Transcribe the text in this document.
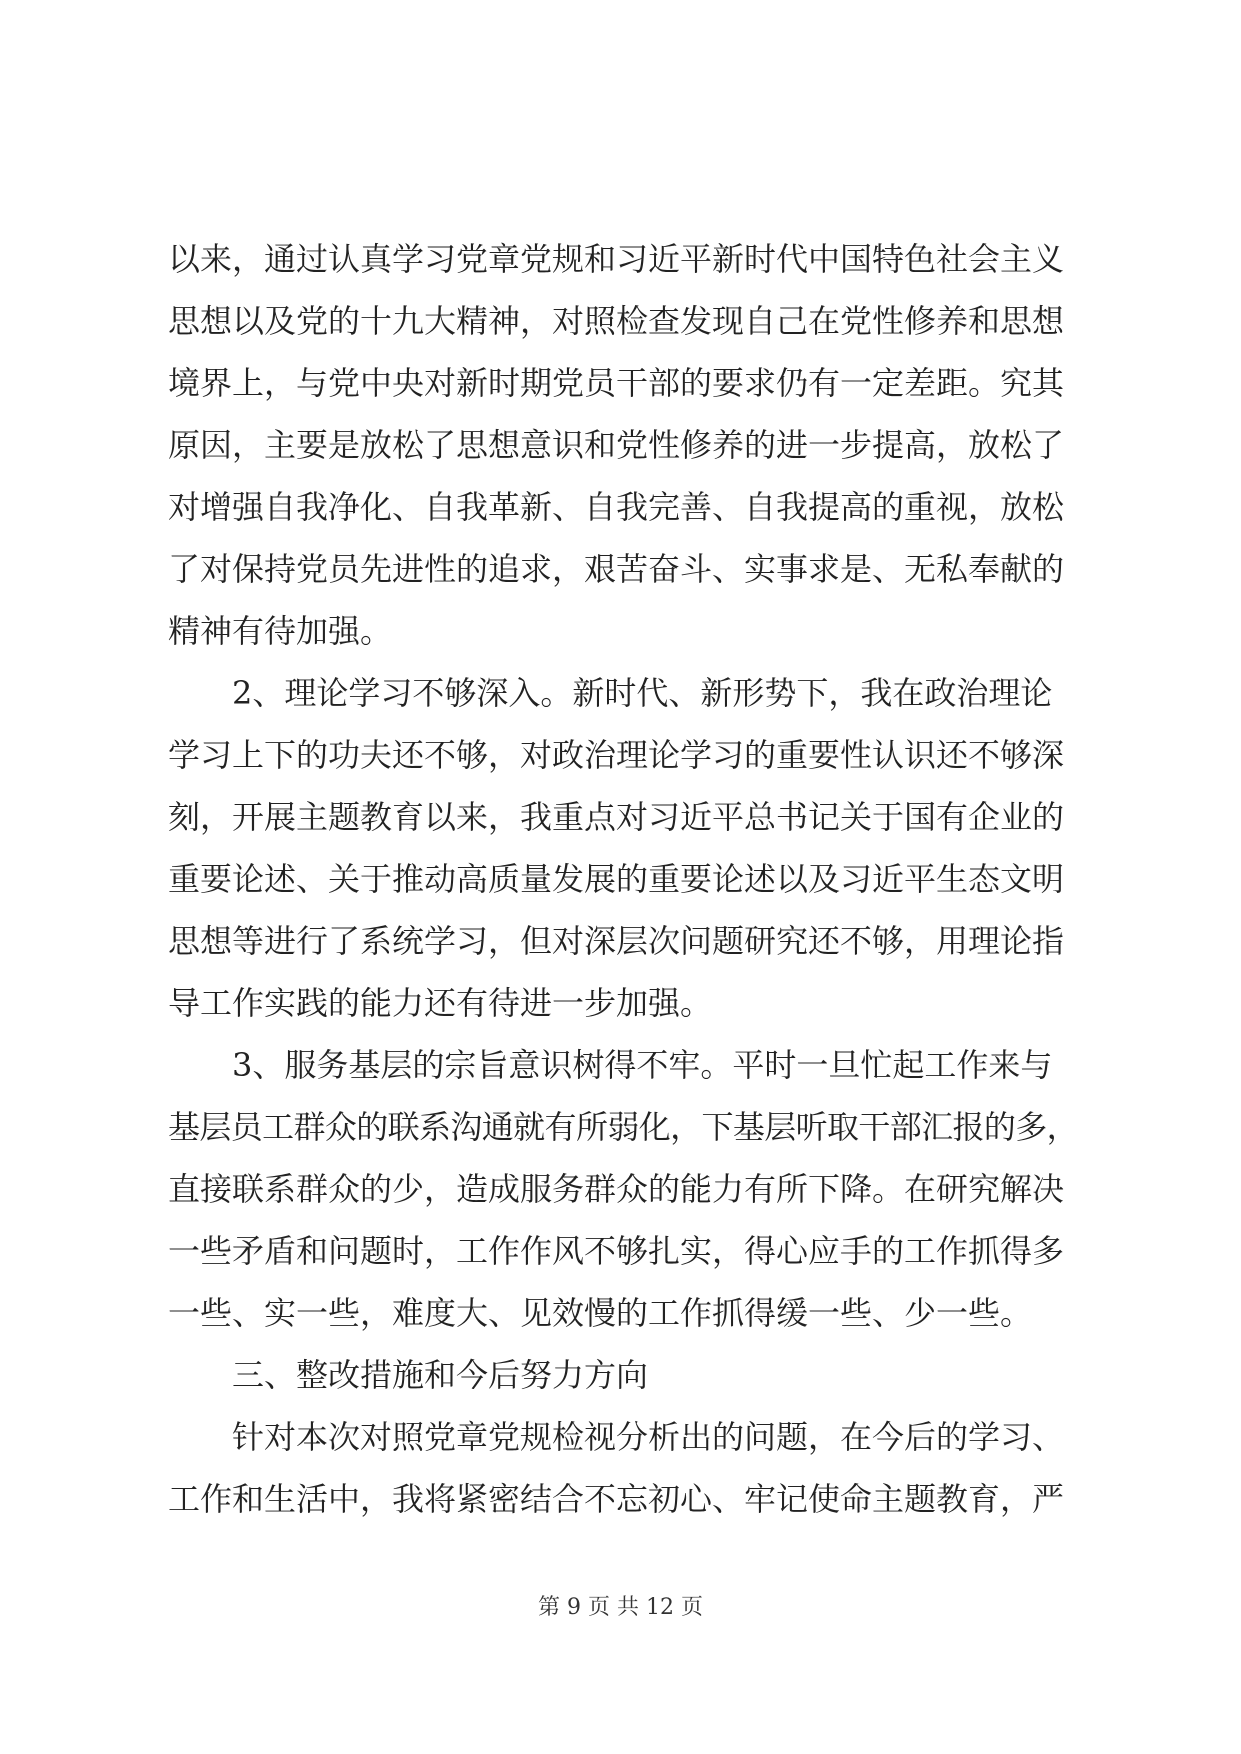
以来，通过认真学习党章党规和习近平新时代中国特色社会主义
思想以及党的十九大精神，对照检查发现自己在党性修养和思想
境界上，与党中央对新时期党员干部的要求仍有一定差距。究其
原因，主要是放松了思想意识和党性修养的进一步提高，放松了
对增强自我净化、自我革新、自我完善、自我提高的重视，放松
了对保持党员先进性的追求，艰苦奋斗、实事求是、无私奉献的
精神有待加强。
2、理论学习不够深入。新时代、新形势下，我在政治理论
学习上下的功夫还不够，对政治理论学习的重要性认识还不够深
刻，开展主题教育以来，我重点对习近平总书记关于国有企业的
重要论述、关于推动高质量发展的重要论述以及习近平生态文明
思想等进行了系统学习，但对深层次问题研究还不够，用理论指
导工作实践的能力还有待进一步加强。
3、服务基层的宗旨意识树得不牢。平时一旦忙起工作来与
基层员工群众的联系沟通就有所弱化，下基层听取干部汇报的多，
直接联系群众的少，造成服务群众的能力有所下降。在研究解决
一些矛盾和问题时，工作作风不够扎实，得心应手的工作抓得多
一些、实一些，难度大、见效慢的工作抓得缓一些、少一些。
三、整改措施和今后努力方向
针对本次对照党章党规检视分析出的问题，在今后的学习、
工作和生活中，我将紧密结合不忘初心、牢记使命主题教育，严
第 9 页 共 12 页
